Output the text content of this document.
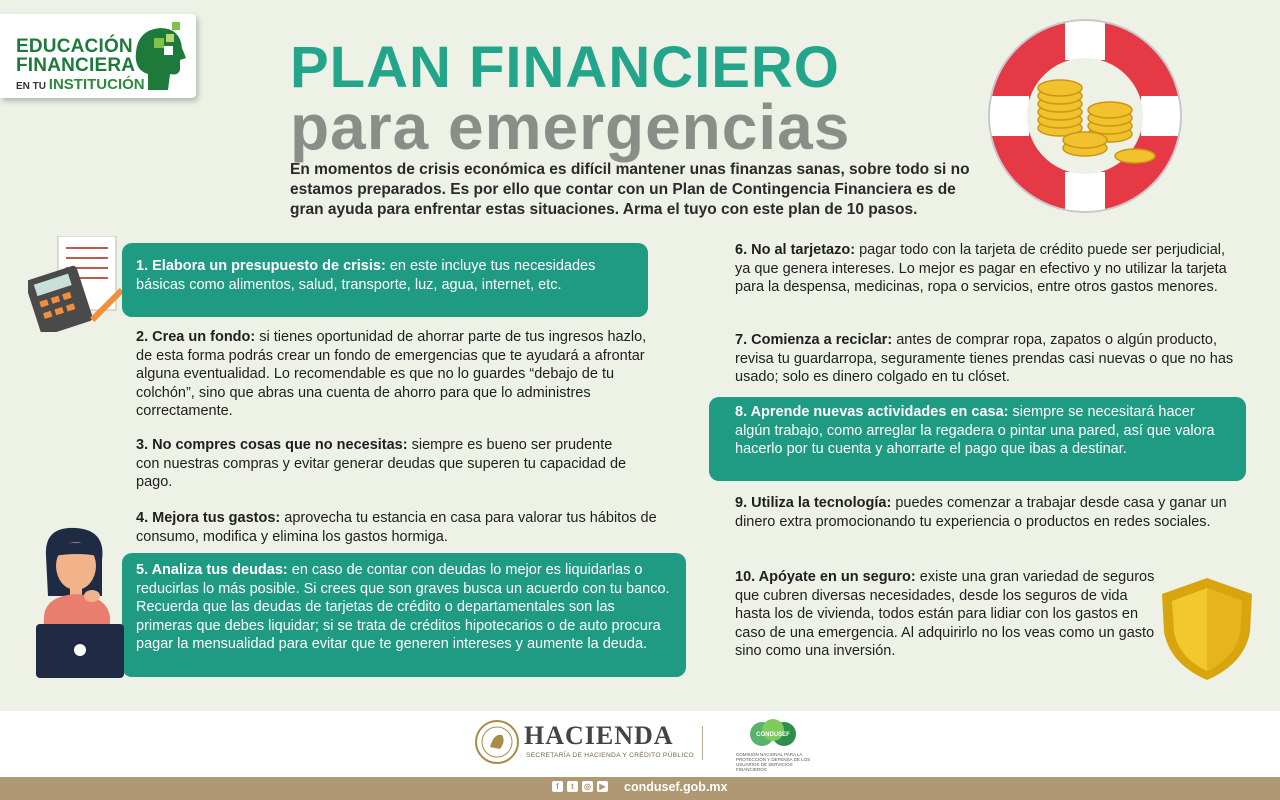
EDUCACIÓN
FINANCIERA
EN TU INSTITUCIÓN	PLAN FINANCIERO
para emergencias
En momentos de crisis económica es difícil mantener unas finanzas sanas, sobre todo si no estamos preparados. Es por ello que contar con un Plan de Contingencia Financiera es de gran ayuda para enfrentar estas situaciones. Arma el tuyo con este plan de 10 pasos.
1. Elabora un presupuesto de crisis: en este incluye tus necesidades básicas como alimentos, salud, transporte, luz, agua, internet, etc.
2. Crea un fondo: si tienes oportunidad de ahorrar parte de tus ingresos hazlo, de esta forma podrás crear un fondo de emergencias que te ayudará a afrontar alguna eventualidad. Lo recomendable es que no lo guardes “debajo de tu colchón”, sino que abras una cuenta de ahorro para que lo administres correctamente.
3. No compres cosas que no necesitas: siempre es bueno ser prudente con nuestras compras y evitar generar deudas que superen tu capacidad de pago.
4. Mejora tus gastos: aprovecha tu estancia en casa para valorar tus hábitos de consumo, modifica y elimina los gastos hormiga.
5. Analiza tus deudas: en caso de contar con deudas lo mejor es liquidarlas o reducirlas lo más posible. Si crees que son graves busca un acuerdo con tu banco. Recuerda que las deudas de tarjetas de crédito o departamentales son las primeras que debes liquidar; si se trata de créditos hipotecarios o de auto procura pagar la mensualidad para evitar que te generen intereses y aumente la deuda.
6. No al tarjetazo: pagar todo con la tarjeta de crédito puede ser perjudicial, ya que genera intereses. Lo mejor es pagar en efectivo y no utilizar la tarjeta para la despensa, medicinas, ropa o servicios, entre otros gastos menores.
7. Comienza a reciclar: antes de comprar ropa, zapatos o algún producto, revisa tu guardarropa, seguramente tienes prendas casi nuevas o que no has usado; solo es dinero colgado en tu clóset.
8. Aprende nuevas actividades en casa: siempre se necesitará hacer algún trabajo, como arreglar la regadera o pintar una pared, así que valora hacerlo por tu cuenta y ahorrarte el pago que ibas a destinar.
9. Utiliza la tecnología: puedes comenzar a trabajar desde casa y ganar un dinero extra promocionando tu experiencia o productos en redes sociales.
10. Apóyate en un seguro: existe una gran variedad de seguros que cubren diversas necesidades, desde los seguros de vida hasta los de vivienda, todos están para lidiar con los gastos en caso de una emergencia. Al adquirirlo no los veas como un gasto sino como una inversión.
HACIENDA
SECRETARÍA DE HACIENDA Y CRÉDITO PÚBLICO
CONDUSEF
COMISIÓN NACIONAL PARA LA PROTECCIÓN Y DEFENSA DE LOS USUARIOS DE SERVICIOS FINANCIEROS
f	t	◎	▶ condusef.gob.mx
